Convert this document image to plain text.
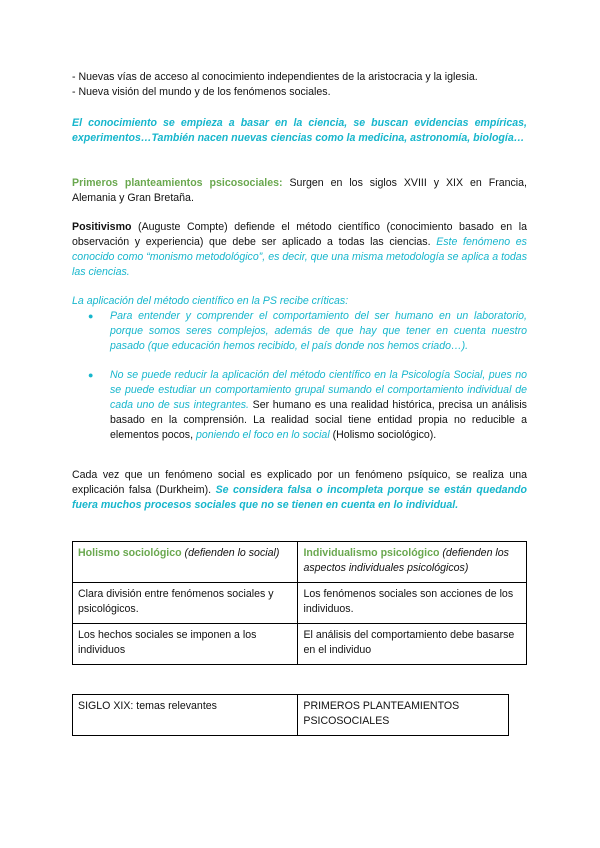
- Nuevas vías de acceso al conocimiento independientes de la aristocracia y la iglesia.

- Nueva visión del mundo y de los fenómenos sociales.

El conocimiento se empieza a basar en la ciencia, se buscan evidencias empíricas, experimentos…También nacen nuevas ciencias como la medicina, astronomía, biología…

Primeros planteamientos psicosociales: Surgen en los siglos XVIII y XIX en Francia, Alemania y Gran Bretaña.

Positivismo (Auguste Compte) defiende el método científico (conocimiento basado en la observación y experiencia) que debe ser aplicado a todas las ciencias. Este fenómeno es conocido como “monismo metodológico”, es decir, que una misma metodología se aplica a todas las ciencias.

La aplicación del método científico en la PS recibe críticas:

● Para entender y comprender el comportamiento del ser humano en un laboratorio, porque somos seres complejos, además de que hay que tener en cuenta nuestro pasado (que educación hemos recibido, el país donde nos hemos criado…).
● No se puede reducir la aplicación del método científico en la Psicología Social, pues no se puede estudiar un comportamiento grupal sumando el comportamiento individual de cada uno de sus integrantes. Ser humano es una realidad histórica, precisa un análisis basado en la comprensión. La realidad social tiene entidad propia no reducible a elementos pocos, poniendo el foco en lo social (Holismo sociológico).

Cada vez que un fenómeno social es explicado por un fenómeno psíquico, se realiza una explicación falsa (Durkheim). Se considera falsa o incompleta porque se están quedando fuera muchos procesos sociales que no se tienen en cuenta en lo individual.

Holismo sociológico (defienden lo social)	Individualismo psicológico (defienden los aspectos individuales psicológicos)
Clara división entre fenómenos sociales y psicológicos.	Los fenómenos sociales son acciones de los individuos.
Los hechos sociales se imponen a los individuos	El análisis del comportamiento debe basarse en el individuo
SIGLO XIX: temas relevantes	PRIMEROS PLANTEAMIENTOS PSICOSOCIALES
